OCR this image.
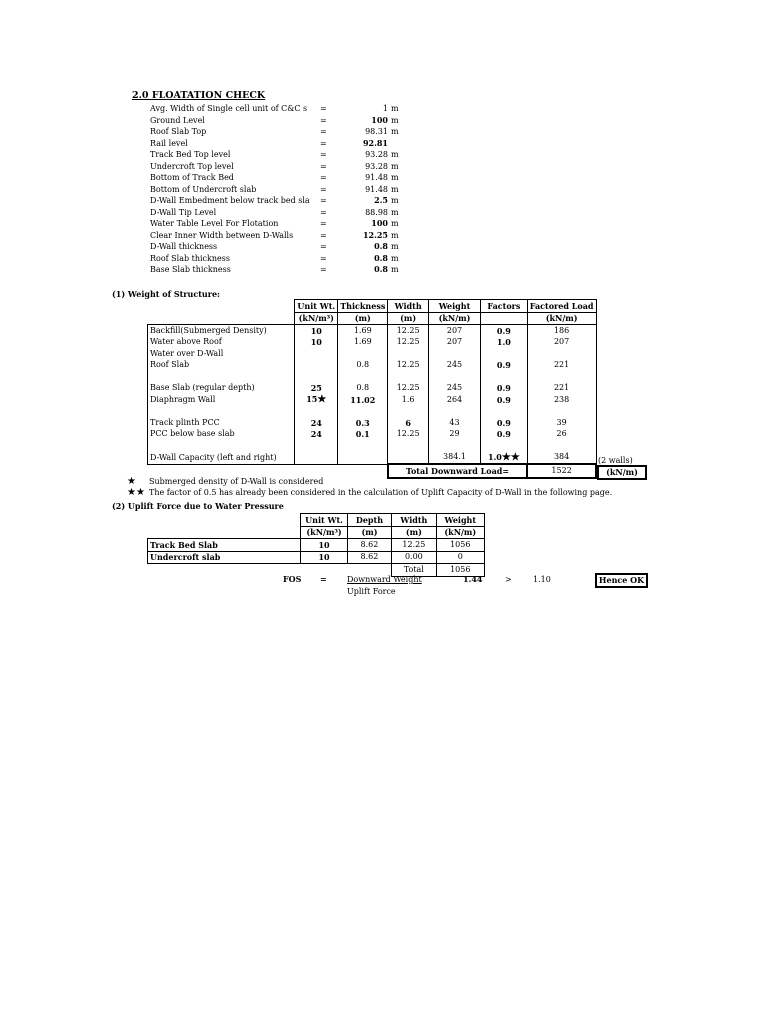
2.0 FLOATATION CHECK
Avg. Width of Single cell unit of C&C s	=	1 m
Ground Level	=	100 m
Roof Slab Top	=	98.31 m
Rail level	=	92.81
Track Bed Top level	=	93.28 m
Undercroft Top level	=	93.28 m
Bottom of Track Bed	=	91.48 m
Bottom of Undercroft slab	=	91.48 m
D-Wall Embedment below track bed sla	=	2.5 m
D-Wall Tip Level	=	88.98 m
Water Table Level For Flotation	=	100 m
Clear Inner Width between D-Walls	=	12.25 m
D-Wall thickness	=	0.8 m
Roof Slab thickness	=	0.8 m
Base Slab thickness	=	0.8 m
(1) Weight of Structure:
	Unit Wt.	Thickness	Width	Weight	Factors	Factored Load
	(kN/m³)	(m)	(m)	(kN/m)		(kN/m)
Backfill(Submerged Density)	10	1.69	12.25	207	0.9	186
Water above Roof	10	1.69	12.25	207	1.0	207
Water over D-Wall						
Roof Slab		0.8	12.25	245	0.9	221

Base Slab (regular depth)	25	0.8	12.25	245	0.9	221
Diaphragm Wall	15★	11.02	1.6	264	0.9	238

Track plinth PCC	24	0.3	6	43	0.9	39
PCC below base slab	24	0.1	12.25	29	0.9	26

D-Wall Capacity (left and right)				384.1	1.0★★	384
			Total Downward Load=			1522
(2 walls)
★ Submerged density of D-Wall is considered
★★ The factor of 0.5 has already been considered in the calculation of Uplift Capacity of D-Wall in the following page.
(2) Uplift Force due to Water Pressure
	Unit Wt.	Depth	Width	Weight
	(kN/m³)	(m)	(m)	(kN/m)
Track Bed Slab	10	8.62	12.25	1056
Undercroft slab	10	8.62	0.00	0
			Total	1056
FOS =	Downward Weight
Uplift Force
1.44	>	1.10	Hence OK
(kN/m)
